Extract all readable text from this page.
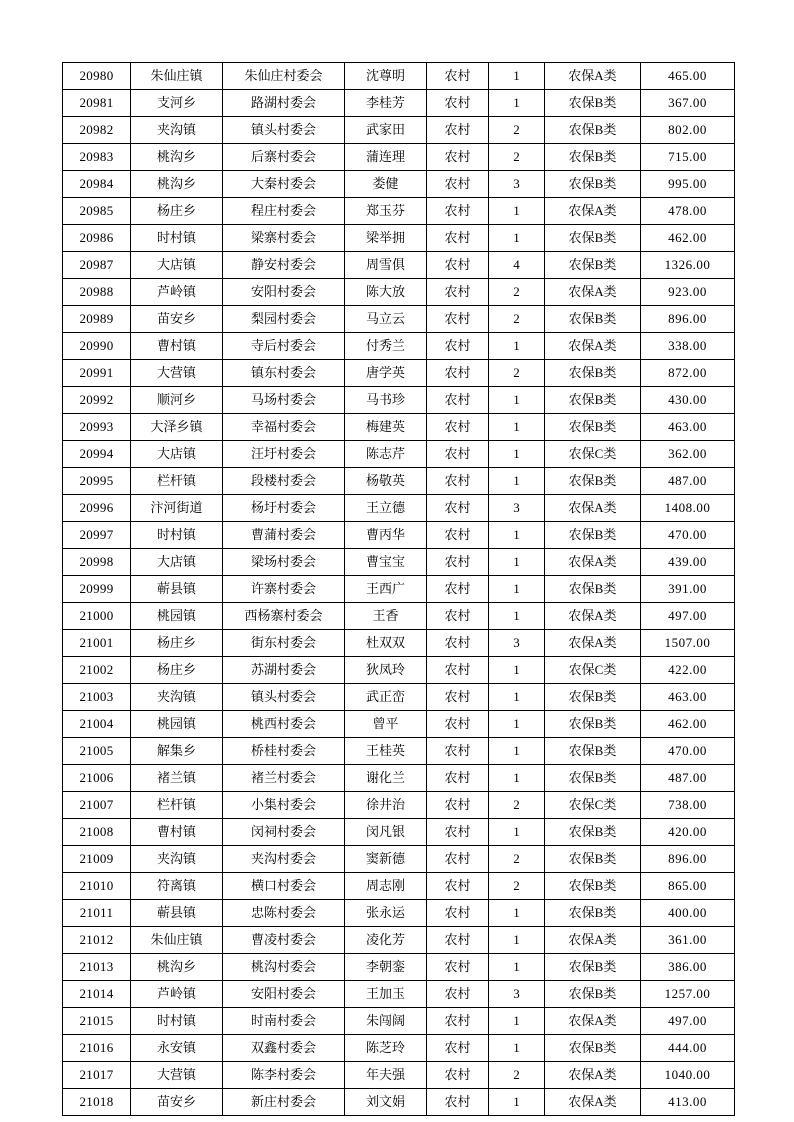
20980	朱仙庄镇	朱仙庄村委会	沈尊明	农村	1	农保A类	465.00
20981	支河乡	路湖村委会	李桂芳	农村	1	农保B类	367.00
20982	夹沟镇	镇头村委会	武家田	农村	2	农保B类	802.00
20983	桃沟乡	后寨村委会	蒲连理	农村	2	农保B类	715.00
20984	桃沟乡	大秦村委会	娄健	农村	3	农保B类	995.00
20985	杨庄乡	程庄村委会	郑玉芬	农村	1	农保A类	478.00
20986	时村镇	梁寨村委会	梁举拥	农村	1	农保B类	462.00
20987	大店镇	静安村委会	周雪俱	农村	4	农保B类	1326.00
20988	芦岭镇	安阳村委会	陈大放	农村	2	农保A类	923.00
20989	苗安乡	梨园村委会	马立云	农村	2	农保B类	896.00
20990	曹村镇	寺后村委会	付秀兰	农村	1	农保A类	338.00
20991	大营镇	镇东村委会	唐学英	农村	2	农保B类	872.00
20992	顺河乡	马场村委会	马书珍	农村	1	农保B类	430.00
20993	大泽乡镇	幸福村委会	梅建英	农村	1	农保B类	463.00
20994	大店镇	汪圩村委会	陈志芹	农村	1	农保C类	362.00
20995	栏杆镇	段楼村委会	杨敬英	农村	1	农保B类	487.00
20996	汴河街道	杨圩村委会	王立德	农村	3	农保A类	1408.00
20997	时村镇	曹蒲村委会	曹丙华	农村	1	农保B类	470.00
20998	大店镇	梁场村委会	曹宝宝	农村	1	农保A类	439.00
20999	蕲县镇	许寨村委会	王西广	农村	1	农保B类	391.00
21000	桃园镇	西杨寨村委会	王香	农村	1	农保A类	497.00
21001	杨庄乡	街东村委会	杜双双	农村	3	农保A类	1507.00
21002	杨庄乡	苏湖村委会	狄凤玲	农村	1	农保C类	422.00
21003	夹沟镇	镇头村委会	武正峦	农村	1	农保B类	463.00
21004	桃园镇	桃西村委会	曾平	农村	1	农保B类	462.00
21005	解集乡	桥桂村委会	王桂英	农村	1	农保B类	470.00
21006	褚兰镇	褚兰村委会	谢化兰	农村	1	农保B类	487.00
21007	栏杆镇	小集村委会	徐井治	农村	2	农保C类	738.00
21008	曹村镇	闵祠村委会	闵凡银	农村	1	农保B类	420.00
21009	夹沟镇	夹沟村委会	窦新德	农村	2	农保B类	896.00
21010	符离镇	横口村委会	周志刚	农村	2	农保B类	865.00
21011	蕲县镇	忠陈村委会	张永运	农村	1	农保B类	400.00
21012	朱仙庄镇	曹凌村委会	凌化芳	农村	1	农保A类	361.00
21013	桃沟乡	桃沟村委会	李朝銮	农村	1	农保B类	386.00
21014	芦岭镇	安阳村委会	王加玉	农村	3	农保B类	1257.00
21015	时村镇	时南村委会	朱闯阔	农村	1	农保A类	497.00
21016	永安镇	双鑫村委会	陈芝玲	农村	1	农保B类	444.00
21017	大营镇	陈李村委会	年夫强	农村	2	农保A类	1040.00
21018	苗安乡	新庄村委会	刘文娟	农村	1	农保A类	413.00
